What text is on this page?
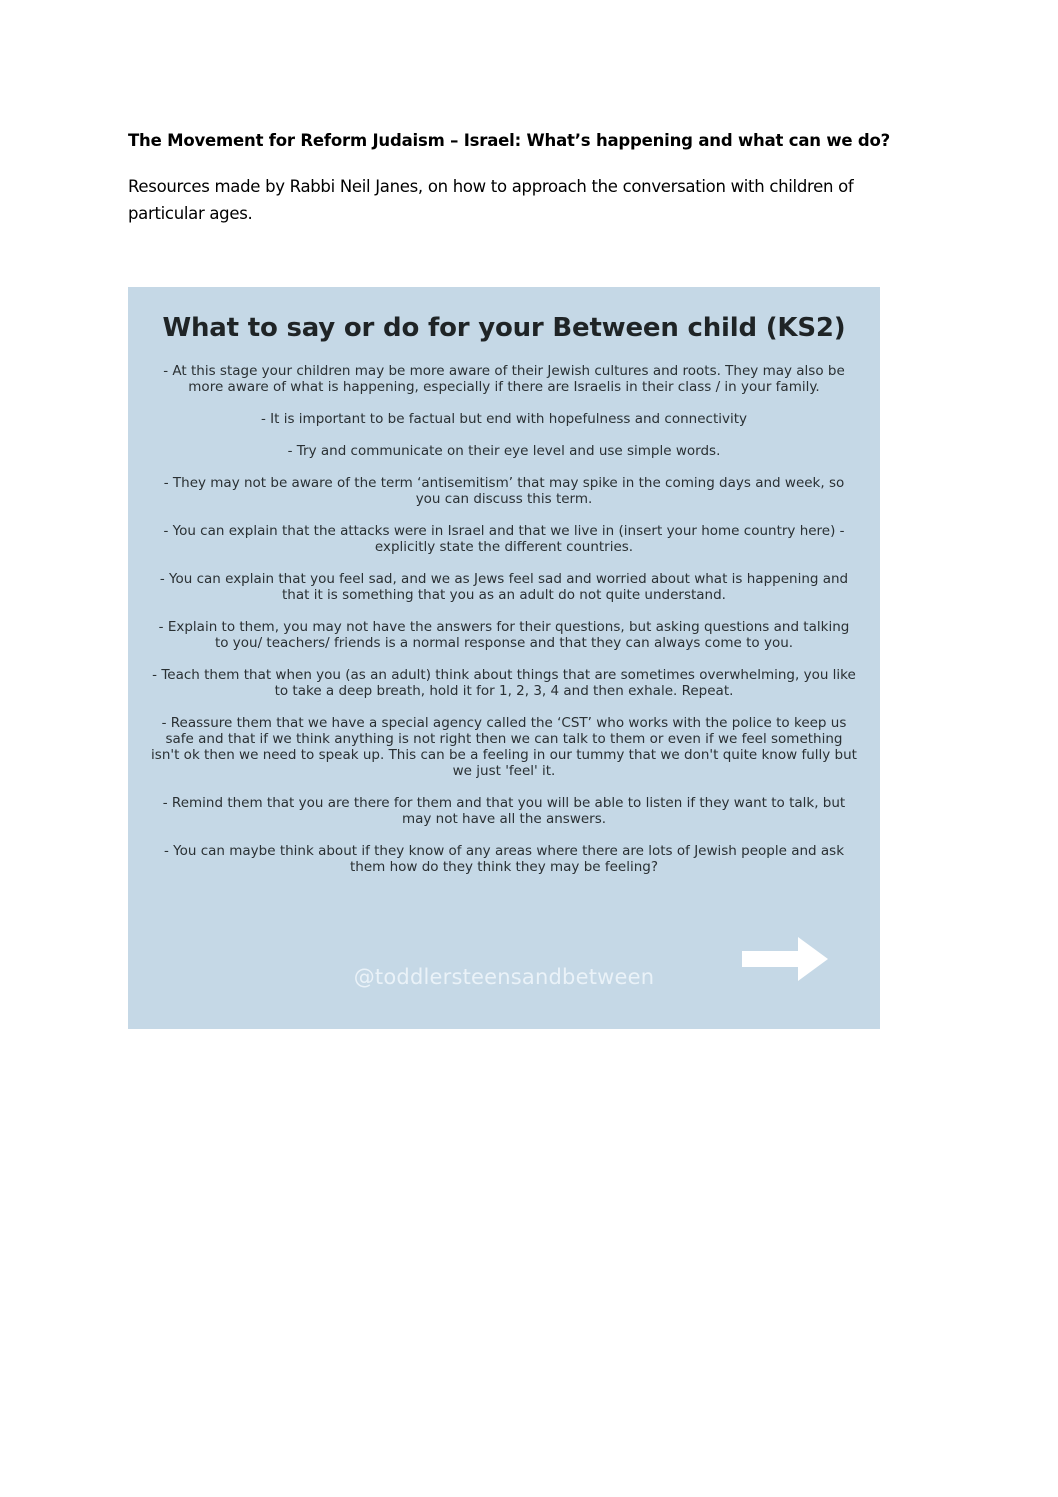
The Movement for Reform Judaism – Israel: What’s happening and what can we do?

Resources made by Rabbi Neil Janes, on how to approach the conversation with children of particular ages.

What to say or do for your Between child (KS2)
- At this stage your children may be more aware of their Jewish cultures and roots. They may also be more aware of what is happening, especially if there are Israelis in their class / in your family.
- It is important to be factual but end with hopefulness and connectivity
- Try and communicate on their eye level and use simple words.
- They may not be aware of the term ‘antisemitism’ that may spike in the coming days and week, so you can discuss this term.
- You can explain that the attacks were in Israel and that we live in (insert your home country here) - explicitly state the different countries.
- You can explain that you feel sad, and we as Jews feel sad and worried about what is happening and that it is something that you as an adult do not quite understand.
- Explain to them, you may not have the answers for their questions, but asking questions and talking to you/ teachers/ friends is a normal response and that they can always come to you.
- Teach them that when you (as an adult) think about things that are sometimes overwhelming, you like to take a deep breath, hold it for 1, 2, 3, 4 and then exhale. Repeat.
- Reassure them that we have a special agency called the ‘CST’ who works with the police to keep us safe and that if we think anything is not right then we can talk to them or even if we feel something isn't ok then we need to speak up. This can be a feeling in our tummy that we don't quite know fully but we just 'feel' it.
- Remind them that you are there for them and that you will be able to listen if they want to talk, but may not have all the answers.
- You can maybe think about if they know of any areas where there are lots of Jewish people and ask them how do they think they may be feeling?

@toddlersteensandbetween
